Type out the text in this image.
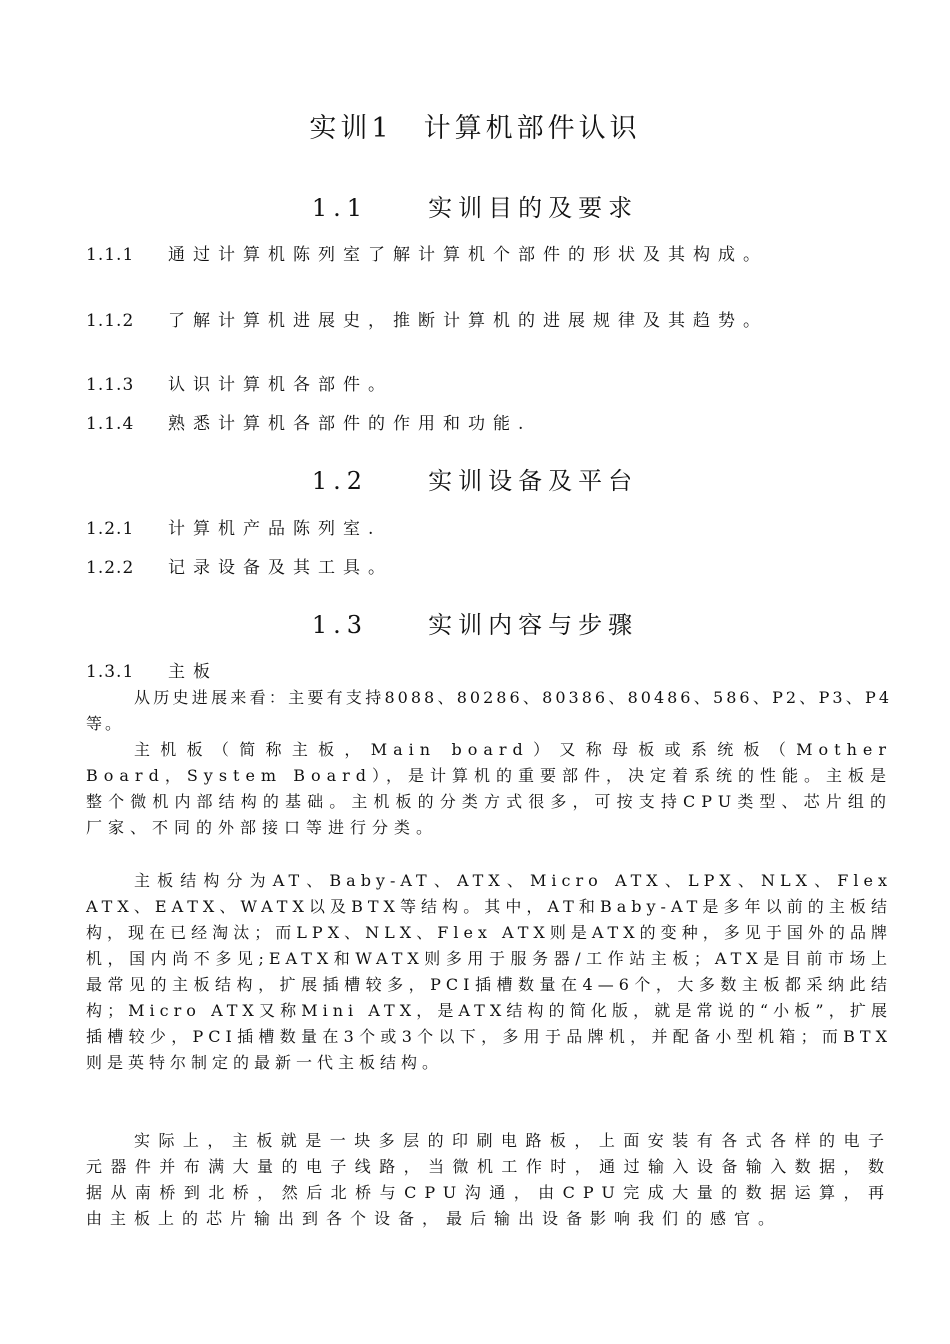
实训1　计算机部件认识
1.1　　实训目的及要求
1.1.1 通过计算机陈列室了解计算机个部件的形状及其构成。
1.1.2 了解计算机进展史，推断计算机的进展规律及其趋势。
1.1.3 认识计算机各部件。
1.1.4 熟悉计算机各部件的作用和功能.
1.2　　实训设备及平台
1.2.1 计算机产品陈列室.
1.2.2 记录设备及其工具。
1.3　　实训内容与步骤
1.3.1 主板

从历史进展来看：主要有支持8088、80286、80386、80486、586、P2、P3、P4等。

主机板（简称主板，Main board）又称母板或系统板（Mother Board，System Board），是计算机的重要部件，决定着系统的性能。主板是整个微机内部结构的基础。主机板的分类方式很多，可按支持CPU类型、芯片组的厂家、不同的外部接口等进行分类。

主板结构分为AT、Baby-AT、ATX、Micro ATX、LPX、NLX、Flex ATX、EATX、WATX以及BTX等结构。其中，AT和Baby-AT是多年以前的主板结构，现在已经淘汰；而LPX、NLX、Flex ATX则是ATX的变种，多见于国外的品牌机，国内尚不多见;EATX和WATX则多用于服务器/工作站主板；ATX是目前市场上最常见的主板结构，扩展插槽较多，PCI插槽数量在4—6个，大多数主板都采纳此结构；Micro ATX又称Mini ATX，是ATX结构的简化版，就是常说的“小板”，扩展插槽较少，PCI插槽数量在3个或3个以下，多用于品牌机，并配备小型机箱；而BTX则是英特尔制定的最新一代主板结构。

实际上，主板就是一块多层的印刷电路板，上面安装有各式各样的电子元器件并布满大量的电子线路，当微机工作时，通过输入设备输入数据，数据从南桥到北桥，然后北桥与CPU沟通，由CPU完成大量的数据运算，再由主板上的芯片输出到各个设备，最后输出设备影响我们的感官。
